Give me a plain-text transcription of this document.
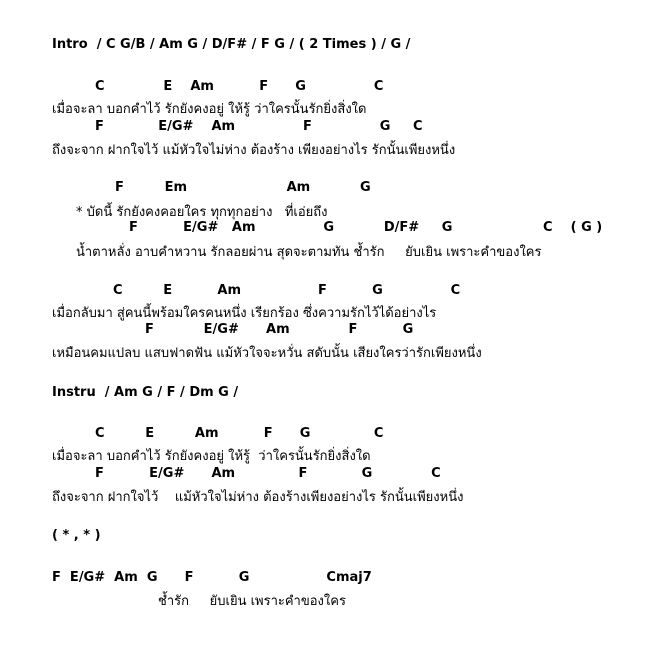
Intro  / C G/B / Am G / D/F# / F G / ( 2 Times ) / G /
C             E    Am          F      G               C
เมื่อจะลา บอกคำไว้ รักยังคงอยู่ ให้รู้ ว่าใครนั้นรักยิ่งสิ่งใด
F            E/G#    Am               F               G     C
ถึงจะจาก ฝากใจไว้ แม้หัวใจไม่ห่าง ต้องร้าง เพียงอย่างไร รักนั้นเพียงหนึ่ง
F         Em                      Am           G
* บัดนี้ รักยังคงคอยใคร ทุกทุกอย่าง   ที่เอ่ยถึง
F          E/G#   Am               G           D/F#     G                    C    ( G )
น้ำตาหลั่ง อาบคำหวาน รักลอยผ่าน สุดจะตามทัน ช้ำรัก     ยับเยิน เพราะคำของใคร
C         E          Am                 F          G               C
เมื่อกลับมา สู่คนนี้พร้อมใครคนหนึ่ง เรียกร้อง ซึ่งความรักไว้ได้อย่างไร
F           E/G#      Am             F          G
เหมือนคมแปลบ แสบฟาดฟัน แม้หัวใจจะหวั่น สดับนั้น เสียงใครว่ารักเพียงหนึ่ง
Instru  / Am G / F / Dm G /
C         E         Am          F      G              C
เมื่อจะลา บอกคำไว้ รักยังคงอยู่ ให้รู้  ว่าใครนั้นรักยิ่งสิ่งใด
F          E/G#      Am              F            G             C
ถึงจะจาก ฝากใจไว้    แม้หัวใจไม่ห่าง ต้องร้างเพียงอย่างไร รักนั้นเพียงหนึ่ง
( * , * )
F  E/G#  Am  G      F          G                 Cmaj7
ช้ำรัก     ยับเยิน เพราะคำของใคร
